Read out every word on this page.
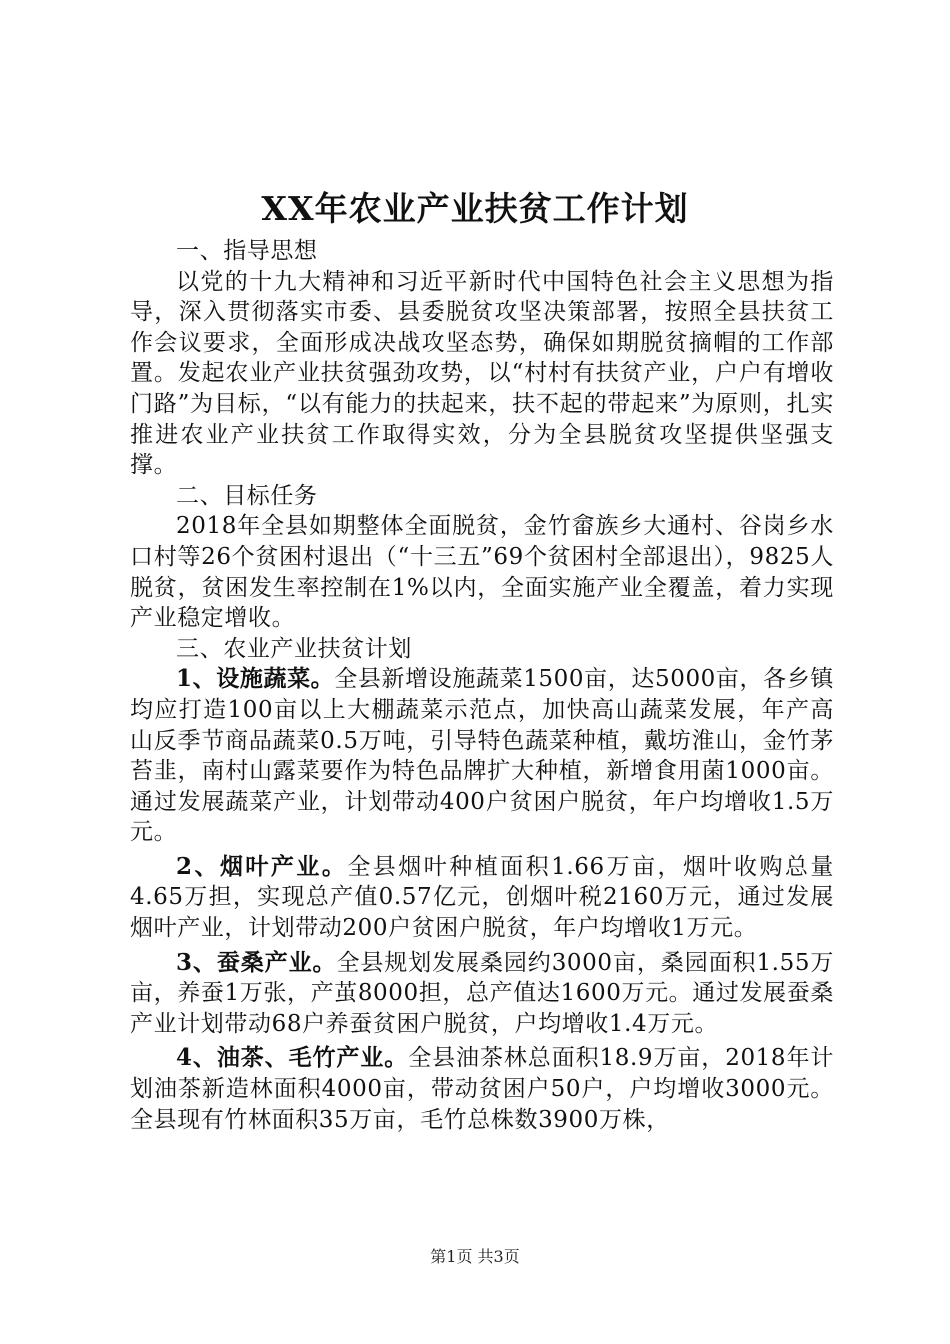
XX年农业产业扶贫工作计划
一、指导思想

以党的十九大精神和习近平新时代中国特色社会主义思想为指导，深入贯彻落实市委、县委脱贫攻坚决策部署，按照全县扶贫工作会议要求，全面形成决战攻坚态势，确保如期脱贫摘帽的工作部置。发起农业产业扶贫强劲攻势，以“村村有扶贫产业，户户有增收门路”为目标，“以有能力的扶起来，扶不起的带起来”为原则，扎实推进农业产业扶贫工作取得实效，分为全县脱贫攻坚提供坚强支撑。

二、目标任务

2018年全县如期整体全面脱贫，金竹畲族乡大通村、谷岗乡水口村等26个贫困村退出（“十三五”69个贫困村全部退出），9825人脱贫，贫困发生率控制在1%以内，全面实施产业全覆盖，着力实现产业稳定增收。

三、农业产业扶贫计划

1、设施蔬菜。全县新增设施蔬菜1500亩，达5000亩，各乡镇均应打造100亩以上大棚蔬菜示范点，加快高山蔬菜发展，年产高山反季节商品蔬菜0.5万吨，引导特色蔬菜种植，戴坊淮山，金竹茅苔韭，南村山露菜要作为特色品牌扩大种植，新增食用菌1000亩。通过发展蔬菜产业，计划带动400户贫困户脱贫，年户均增收1.5万元。

2、烟叶产业。全县烟叶种植面积1.66万亩，烟叶收购总量4.65万担，实现总产值0.57亿元，创烟叶税2160万元，通过发展烟叶产业，计划带动200户贫困户脱贫，年户均增收1万元。

3、蚕桑产业。全县规划发展桑园约3000亩，桑园面积1.55万亩，养蚕1万张，产茧8000担，总产值达1600万元。通过发展蚕桑产业计划带动68户养蚕贫困户脱贫，户均增收1.4万元。

4、油茶、毛竹产业。全县油茶林总面积18.9万亩，2018年计划油茶新造林面积4000亩，带动贫困户50户，户均增收3000元。全县现有竹林面积35万亩，毛竹总株数3900万株，

第1页 共3页
